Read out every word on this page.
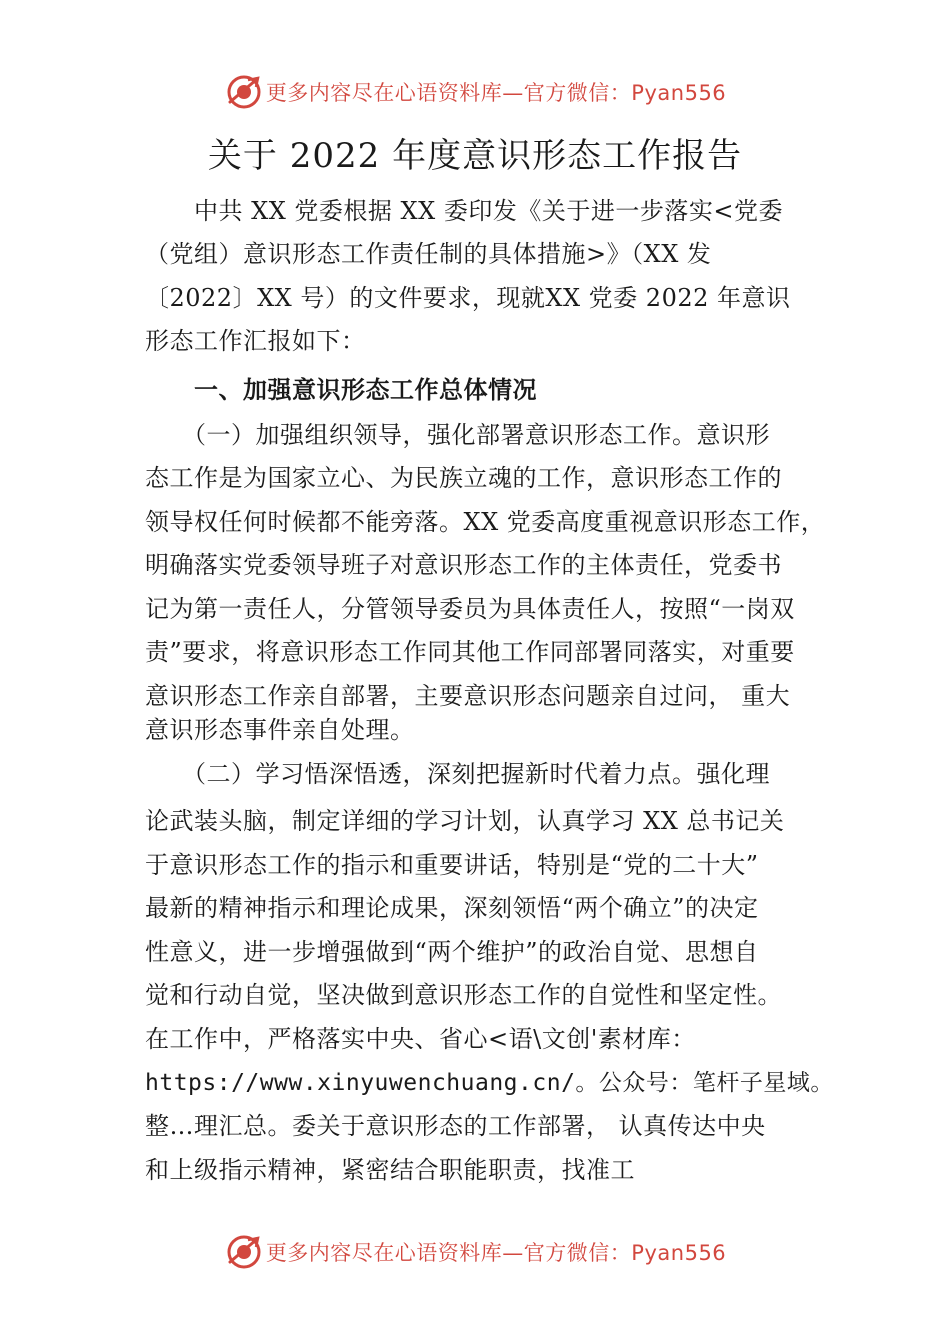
更多内容尽在心语资料库—官方微信：Pyan556
关于 2022 年度意识形态工作报告
　　中共 XX 党委根据 XX 委印发《关于进一步落实<党委
（党组）意识形态工作责任制的具体措施>》（XX 发
〔2022〕XX 号）的文件要求，现就XX 党委 2022 年意识
形态工作汇报如下：
　　一、加强意识形态工作总体情况
　　（一）加强组织领导，强化部署意识形态工作。意识形
态工作是为国家立心、为民族立魂的工作，意识形态工作的
领导权任何时候都不能旁落。XX 党委高度重视意识形态工作，
明确落实党委领导班子对意识形态工作的主体责任，党委书
记为第一责任人，分管领导委员为具体责任人，按照“一岗双
责”要求，将意识形态工作同其他工作同部署同落实，对重要
意识形态工作亲自部署，主要意识形态问题亲自过问， 重大
意识形态事件亲自处理。
　　（二）学习悟深悟透，深刻把握新时代着力点。强化理
论武装头脑，制定详细的学习计划，认真学习 XX 总书记关
于意识形态工作的指示和重要讲话，特别是“党的二十大”
最新的精神指示和理论成果，深刻领悟“两个确立”的决定
性意义，进一步增强做到“两个维护”的政治自觉、思想自
觉和行动自觉，坚决做到意识形态工作的自觉性和坚定性。
在工作中，严格落实中央、省心<语\文创'素材库：
https://www.xinyuwenchuang.cn/。公众号：笔杆子星域。
整…理汇总。委关于意识形态的工作部署， 认真传达中央
和上级指示精神，紧密结合职能职责，找准工
更多内容尽在心语资料库—官方微信：Pyan556
